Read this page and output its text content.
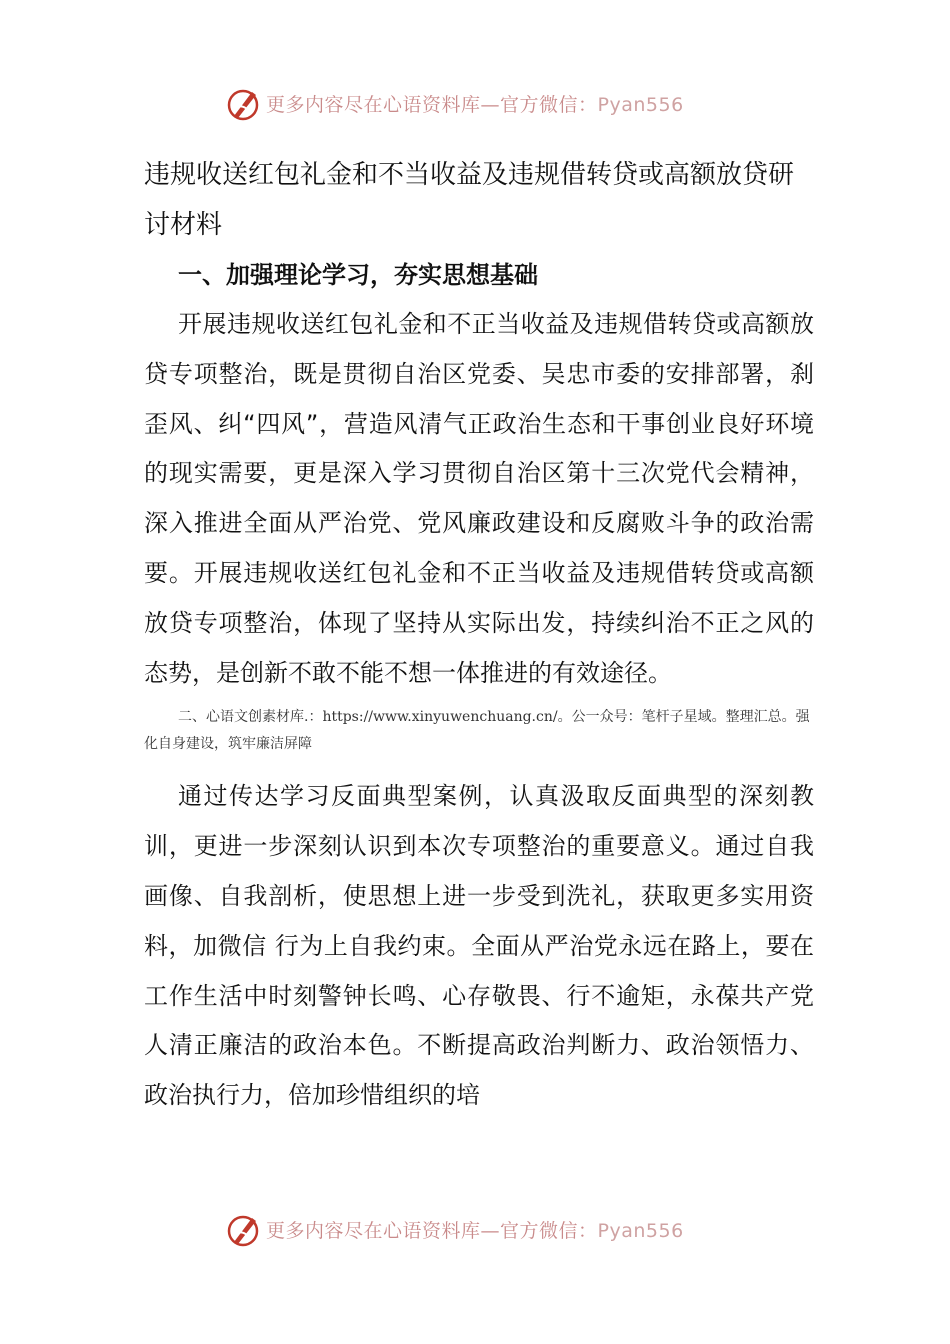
更多内容尽在心语资料库—官方微信：Pyan556
违规收送红包礼金和不当收益及违规借转贷或高额放贷研讨材料
一、加强理论学习，夯实思想基础

开展违规收送红包礼金和不正当收益及违规借转贷或高额放贷专项整治，既是贯彻自治区党委、吴忠市委的安排部署，刹歪风、纠“四风”，营造风清气正政治生态和干事创业良好环境的现实需要，更是深入学习贯彻自治区第十三次党代会精神，深入推进全面从严治党、党风廉政建设和反腐败斗争的政治需要。开展违规收送红包礼金和不正当收益及违规借转贷或高额放贷专项整治，体现了坚持从实际出发，持续纠治不正之风的态势，是创新不敢不能不想一体推进的有效途径。

二、心语文创素材库.：https://www.xinyuwenchuang.cn/。公一众号：笔杆子星域。整理汇总。强化自身建设，筑牢廉洁屏障

通过传达学习反面典型案例，认真汲取反面典型的深刻教训，更进一步深刻认识到本次专项整治的重要意义。通过自我画像、自我剖析，使思想上进一步受到洗礼，获取更多实用资料，加微信 行为上自我约束。全面从严治党永远在路上，要在工作生活中时刻警钟长鸣、心存敬畏、行不逾矩，永葆共产党人清正廉洁的政治本色。不断提高政治判断力、政治领悟力、政治执行力，倍加珍惜组织的培

更多内容尽在心语资料库—官方微信：Pyan556
